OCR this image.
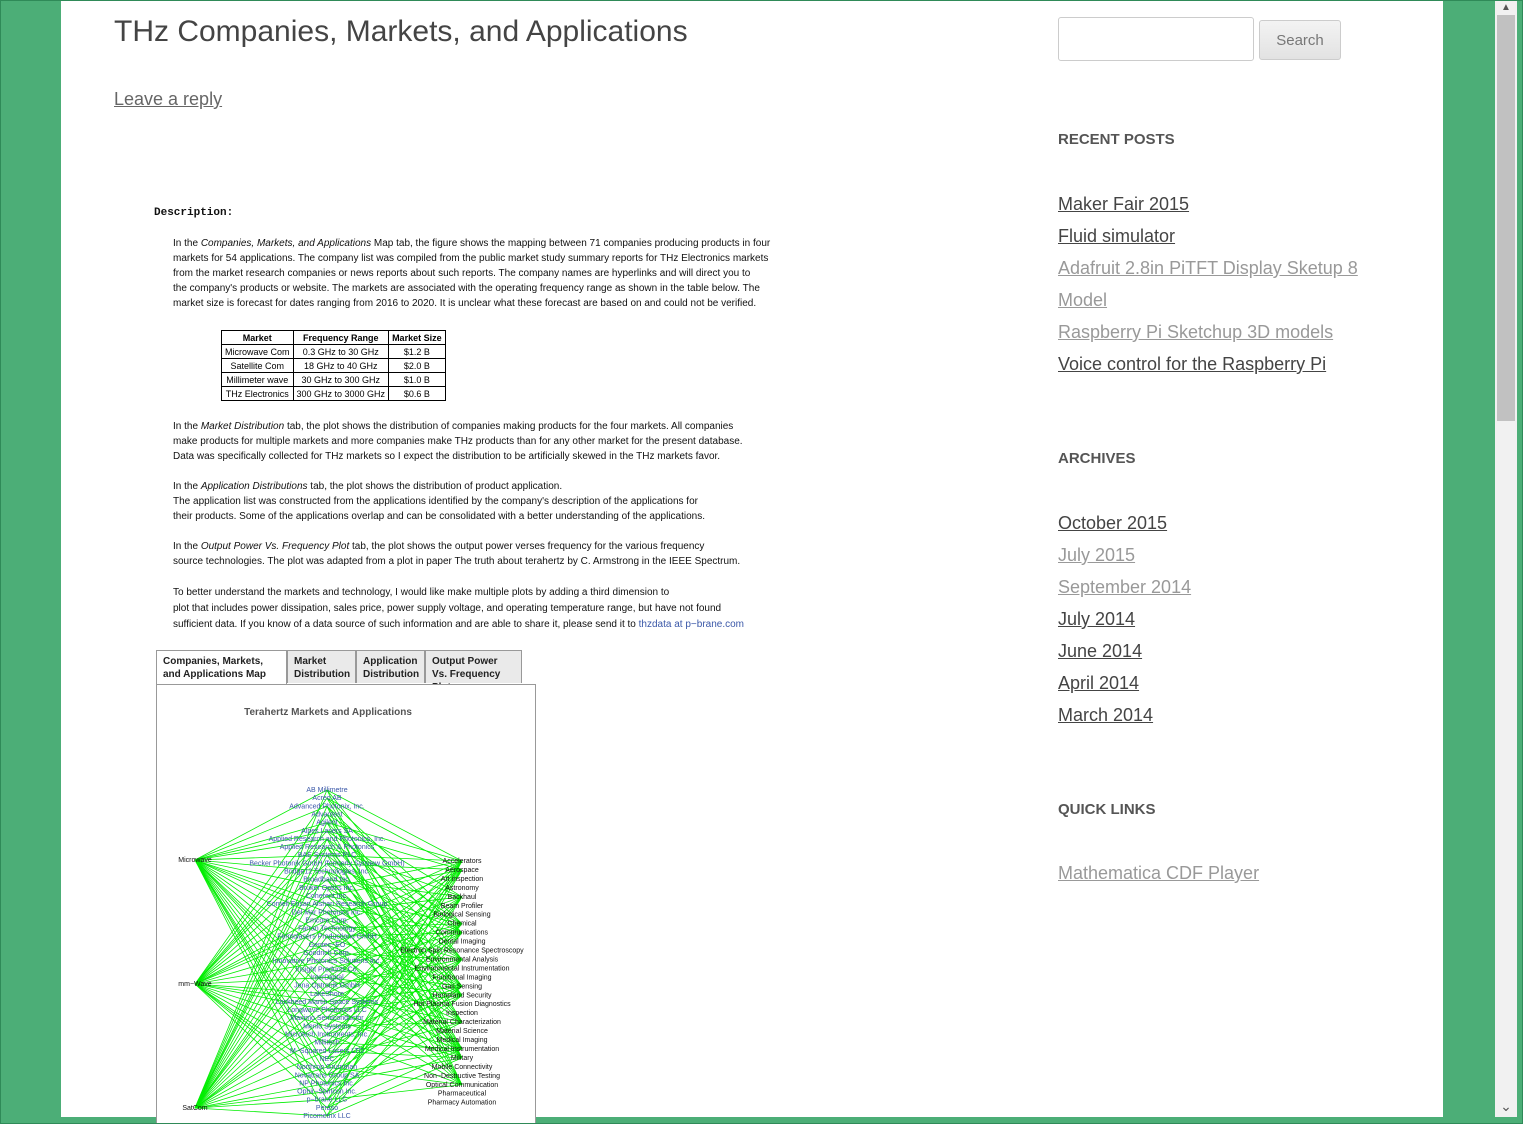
THz Companies, Markets, and Applications
Leave a reply
Description:
In the Companies, Markets, and Applications Map tab, the figure shows the mapping between 71 companies producing products in four
markets for 54 applications. The company list was compiled from the public market study summary reports for THz Electronics markets
from the market research companies or news reports about such reports. The company names are hyperlinks and will direct you to
the company's products or website. The markets are associated with the operating frequency range as shown in the table below. The
market size is forecast for dates ranging from 2016 to 2020. It is unclear what these forecast are based on and could not be verified.
In the Market Distribution tab, the plot shows the distribution of companies making products for the four markets. All companies
make products for multiple markets and more companies make THz products than for any other market for the present database.
Data was specifically collected for THz markets so I expect the distribution to be artificially skewed in the THz markets favor.
In the Application Distributions tab, the plot shows the distribution of product application.
The application list was constructed from the applications identified by the company's description of the applications for
their products. Some of the applications overlap and can be consolidated with a better understanding of the applications.
In the Output Power Vs. Frequency Plot tab, the plot shows the output power verses frequency for the various frequency
source technologies. The plot was adapted from a plot in paper The truth about terahertz by C. Armstrong in the IEEE Spectrum.
To better understand the markets and technology, I would like make multiple plots by adding a third dimension to
plot that includes power dissipation, sales price, power supply voltage, and operating temperature range, but have not found
sufficient data. If you know of a data source of such information and are able to share it, please send it to thzdata at p−brane.com
Market	Frequency Range	Market Size
Microwave Com	0.3 GHz to 30 GHz	$1.2 B
Satellite Com	18 GHz to 40 GHz	$2.0 B
Millimeter wave	30 GHz to 300 GHz	$1.0 B
THz Electronics	300 GHz to 3000 GHz	$0.6 B
Companies, Markets, and Applications Map
Market Distribution
Application Distribution
Output Power Vs. Frequency
Terahertz Markets and Applications
Microwave
mm−Wave
SatCom
AB Millimetre
Acreo AB
Advanced Photonix, Inc.
Advantest
Agilent
Alpes Lasers SA
Applied Research and Photonics, Inc.
Applied Research & Photonics
BAE Systems PLC
Becker Photonik GmbH (formerly Synview GmbH)
Bridge12 Technologies, Inc.
Broadband Inc.
Bruker Optics Inc.
Coherent Inc.
Cornell Ensan Afshari Research Group
Del Mar Photonics Inc.
Emcore Corp.
Farran Technology
Femtolasers Productions GmbH
Gentec−EO
Goodrich Corp.
Innovative Photonics Solutions Inc.
Insight Products Co.
InterDigital
Jena Optronik GmbH
LakeShore
Lockheed Martin Space Systems
Longwave Photonics LLC
Maximo Semiconductor
Menlo Systems
Microtech Instruments, Inc.
Millitech
M−Squared Lasers LTD
NEC
Northrop Grumman
Novatrans Group SA
NP Photonics Inc.
Ophir−Spiricon Inc.
p−brane LLC
Peraso
Picometrix LLC
Accelerators
Aerospace
Art inspection
Astronomy
Backhaul
Beam Profiler
Biological Sensing
Chemical
Communications
Dental Imaging
Electron Spin Resonance Spectroscopy
Environmental Analysis
Environmental Instrumentation
Functional Imaging
Gas Sensing
Homeland Security
Hot Plasma Fusion Diagnostics
Inspection
Material Characterization
Material Science
Medical Imaging
Medical Instrumentation
Military
Mobile Connectivity
Non−Destructive Testing
Optical Communication
Pharmaceutical
Pharmacy Automation
Search
RECENT POSTS
Maker Fair 2015
Fluid simulator
Adafruit 2.8in PiTFT Display Sketup 8 Model
Raspberry Pi Sketchup 3D models
Voice control for the Raspberry Pi
ARCHIVES
October 2015
July 2015
September 2014
July 2014
June 2014
April 2014
March 2014
QUICK LINKS
Mathematica CDF Player
▲
⌄
